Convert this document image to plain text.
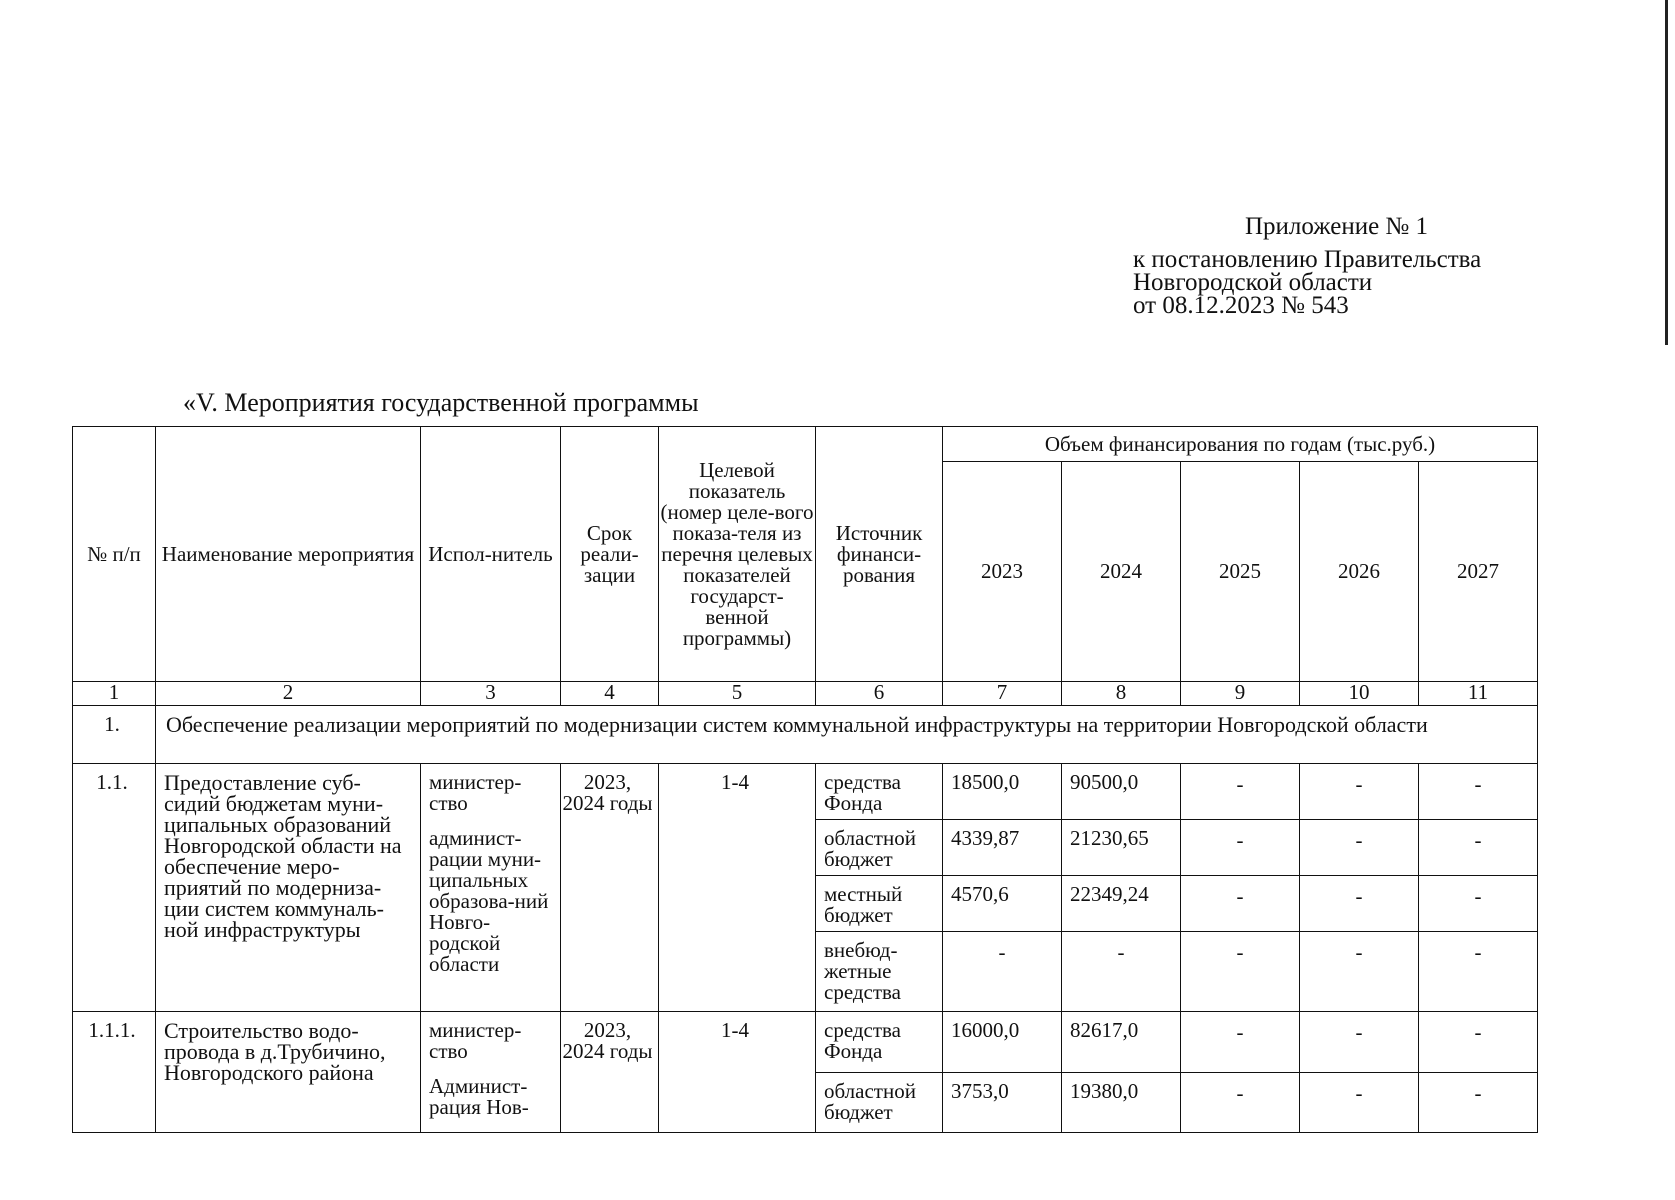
Приложение № 1
к постановлению Правительства
Новгородской области
от 08.12.2023 № 543
«V. Мероприятия государственной программы
№ п/п	Наименование мероприятия	Испол-нитель	Срок реали-зации	Целевой показатель (номер целе-вого показа-теля из перечня целевых показателей государст-венной программы)	Источник финанси-рования	Объем финансирования по годам (тыс.руб.)				
						2023	2024	2025	2026	2027
1	2	3	4	5	6	7	8	9	10	11
1.	Обеспечение реализации мероприятий по модернизации систем коммунальной инфраструктуры на территории Новгородской области									
1.1.	Предоставление суб-сидий бюджетам муни-ципальных образований Новгородской области на обеспечение меро-приятий по модерниза-ции систем коммуналь-ной инфраструктуры	министер-ство
админист-рации муни-ципальных образова-ний Новго-родской области	2023, 2024 годы	1-4	средства Фонда	18500,0	90500,0	-	-	-
					областной бюджет	4339,87	21230,65	-	-	-
					местный бюджет	4570,6	22349,24	-	-	-
					внебюд-жетные средства	-	-	-	-	-
1.1.1.	Строительство водо-провода в д.Трубичино, Новгородского района	министер-ство
Админист-рация Нов-	2023, 2024 годы	1-4	средства Фонда	16000,0	82617,0	-	-	-
					областной бюджет	3753,0	19380,0	-	-	-
